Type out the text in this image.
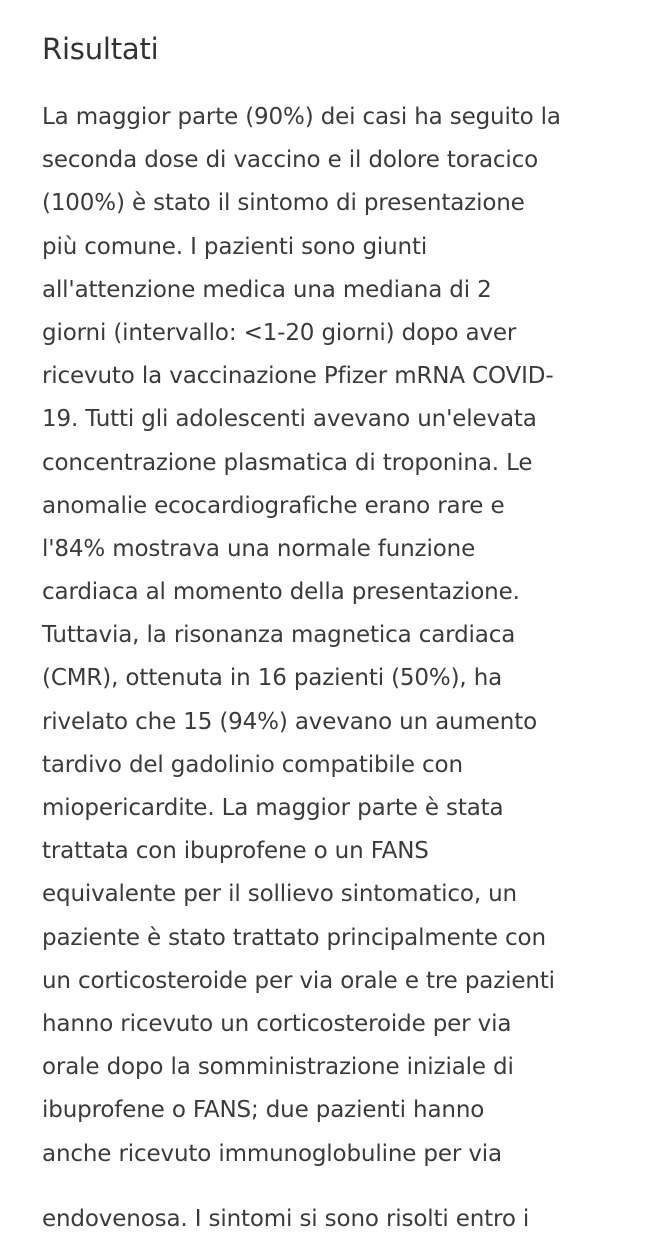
Risultati
La maggior parte (90%) dei casi ha seguito la
seconda dose di vaccino e il dolore toracico
(100%) è stato il sintomo di presentazione
più comune. I pazienti sono giunti
all'attenzione medica una mediana di 2
giorni (intervallo: <1-20 giorni) dopo aver
ricevuto la vaccinazione Pfizer mRNA COVID-
19. Tutti gli adolescenti avevano un'elevata
concentrazione plasmatica di troponina. Le
anomalie ecocardiografiche erano rare e
l'84% mostrava una normale funzione
cardiaca al momento della presentazione.
Tuttavia, la risonanza magnetica cardiaca
(CMR), ottenuta in 16 pazienti (50%), ha
rivelato che 15 (94%) avevano un aumento
tardivo del gadolinio compatibile con
miopericardite. La maggior parte è stata
trattata con ibuprofene o un FANS
equivalente per il sollievo sintomatico, un
paziente è stato trattato principalmente con
un corticosteroide per via orale e tre pazienti
hanno ricevuto un corticosteroide per via
orale dopo la somministrazione iniziale di
ibuprofene o FANS; due pazienti hanno
anche ricevuto immunoglobuline per via
endovenosa. I sintomi si sono risolti entro i
